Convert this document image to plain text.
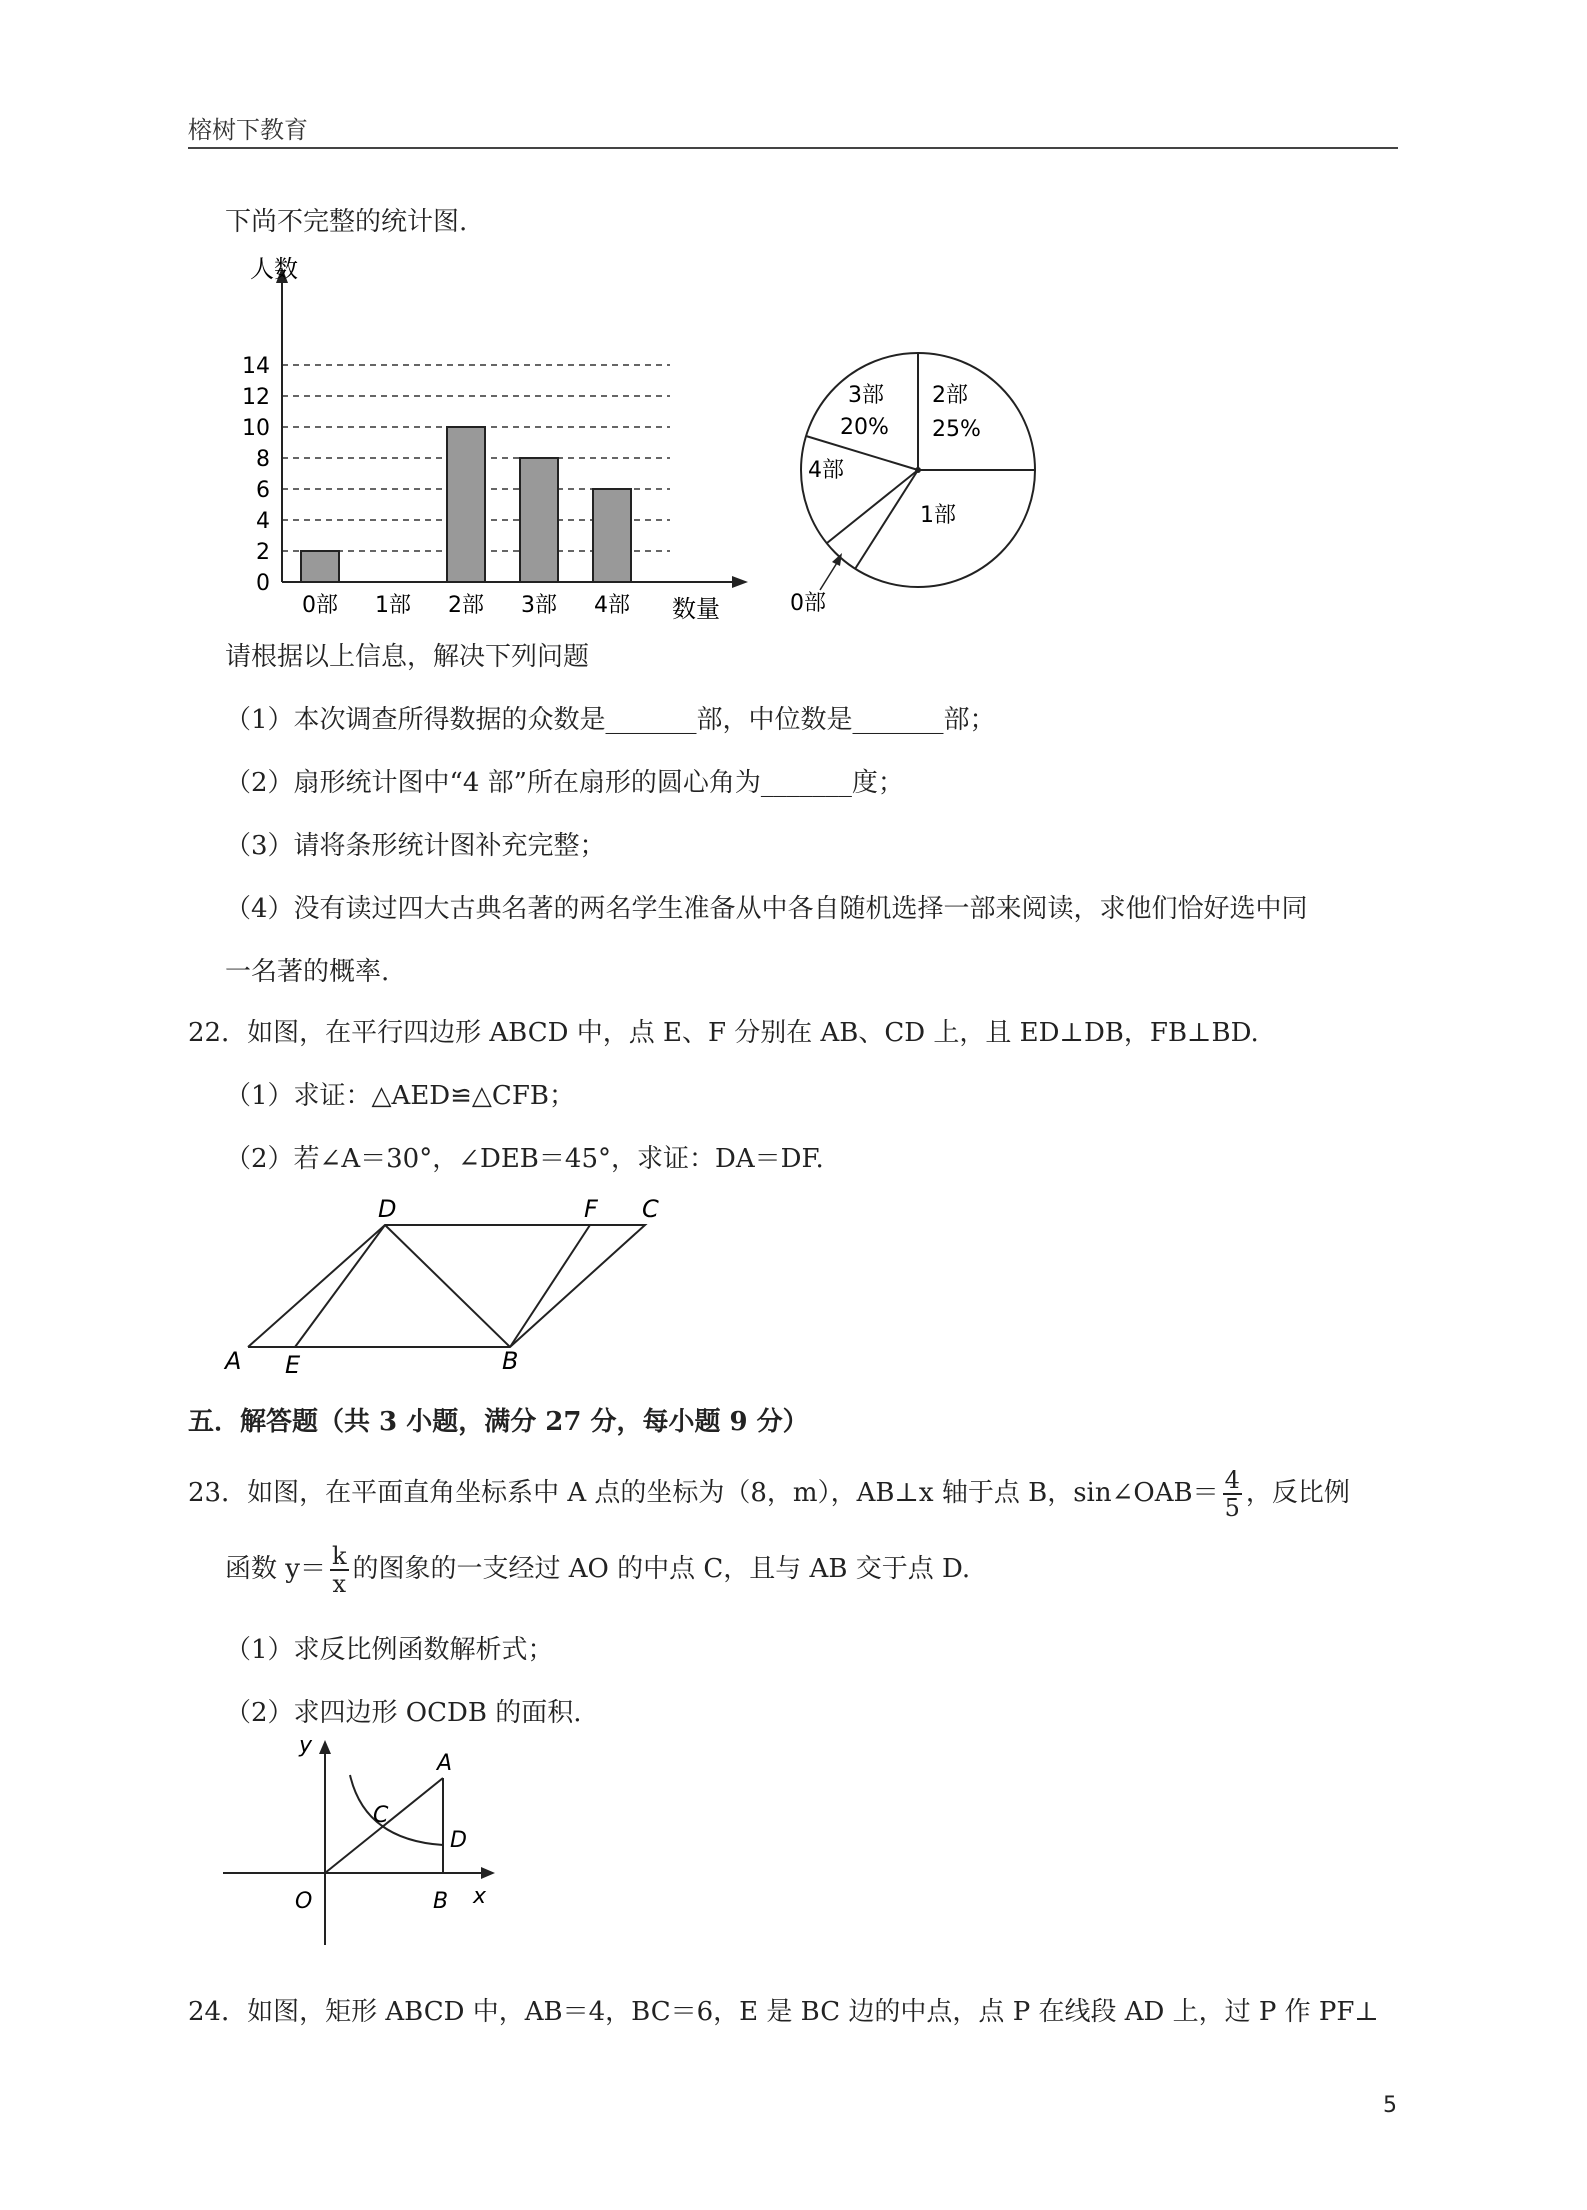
榕树下教育
下尚不完整的统计图.
人数
数量
0
2
4
6
8
10
12
14
0部 1部 2部 3部 4部
2部
25%
3部
20%
4部
1部
0部
请根据以上信息，解决下列问题
（1）本次调查所得数据的众数是_______部，中位数是_______部；
（2）扇形统计图中“4 部”所在扇形的圆心角为_______度；
（3）请将条形统计图补充完整；
（4）没有读过四大古典名著的两名学生准备从中各自随机选择一部来阅读，求他们恰好选中同
一名著的概率.
22．如图，在平行四边形 ABCD 中，点 E、F 分别在 AB、CD 上，且 ED⊥DB，FB⊥BD.
（1）求证：△AED≌△CFB；
（2）若∠A＝30°，∠DEB＝45°，求证：DA＝DF.
D	F C
A E	B
五．解答题（共 3 小题，满分 27 分，每小题 9 分）
23．如图，在平面直角坐标系中 A 点的坐标为（8，m），AB⊥x 轴于点 B，sin∠OAB＝ $\frac{4}{5}$ ，反比例
函数 $y= \frac{k}{x}$ 的图象的一支经过 AO 的中点 C，且与 AB 交于点 D.
（1）求反比例函数解析式；
（2）求四边形 OCDB 的面积.
y
x
O
A
B
C
D
24．如图，矩形 ABCD 中，AB＝4，BC＝6，E 是 BC 边的中点，点 P 在线段 AD 上，过 P 作 PF⊥
5
